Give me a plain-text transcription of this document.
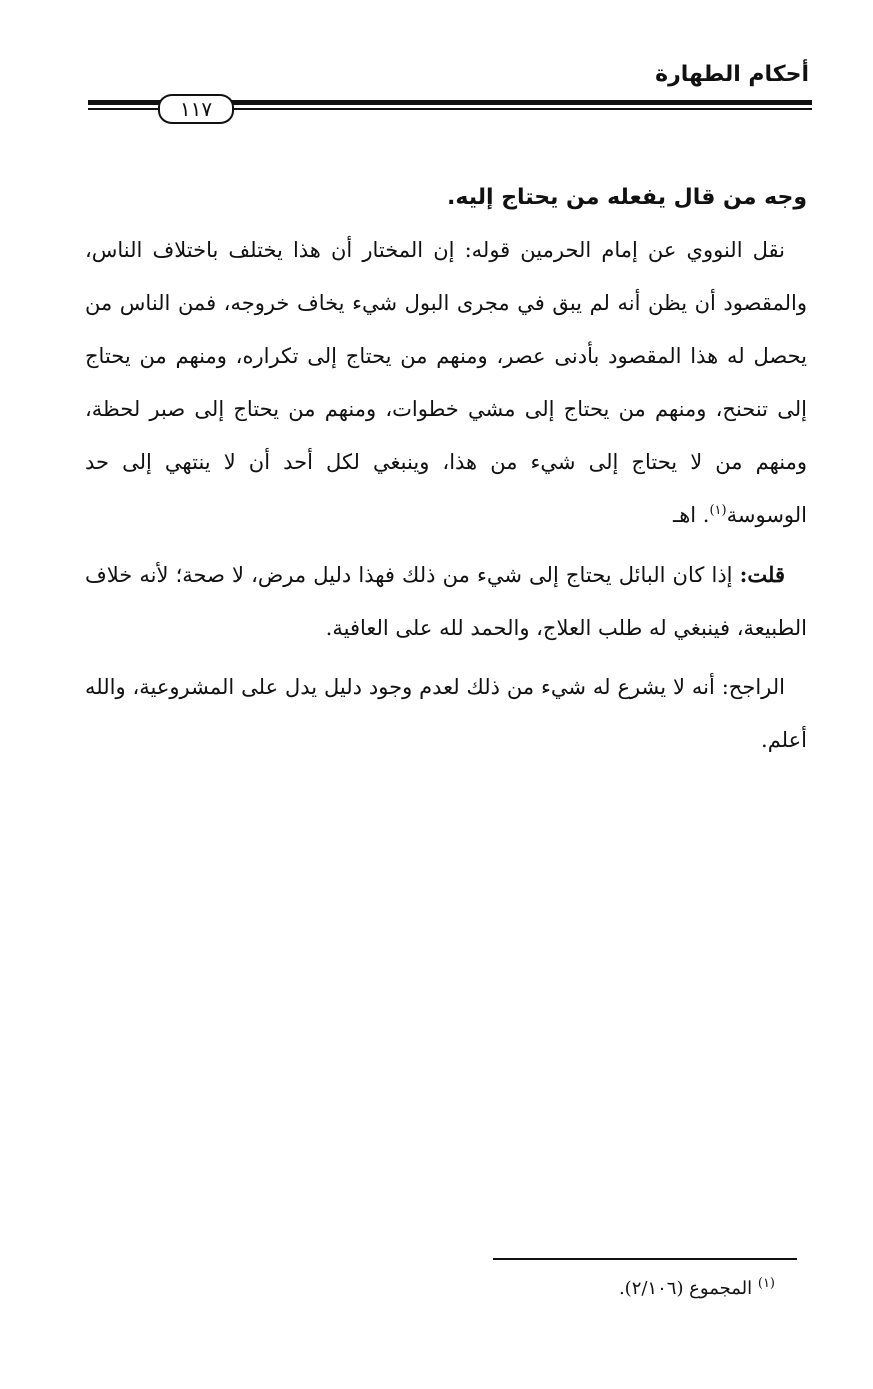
أحكام الطهارة
١١٧
وجه من قال يفعله من يحتاج إليه.

نقل النووي عن إمام الحرمين قوله: إن المختار أن هذا يختلف باختلاف الناس، والمقصود أن يظن أنه لم يبق في مجرى البول شيء يخاف خروجه، فمن الناس من يحصل له هذا المقصود بأدنى عصر، ومنهم من يحتاج إلى تكراره، ومنهم من يحتاج إلى تنحنح، ومنهم من يحتاج إلى مشي خطوات، ومنهم من يحتاج إلى صبر لحظة، ومنهم من لا يحتاج إلى شيء من هذا، وينبغي لكل أحد أن لا ينتهي إلى حد الوسوسة$^{(١)}$. اهـ

قلت: إذا كان البائل يحتاج إلى شيء من ذلك فهذا دليل مرض، لا صحة؛ لأنه خلاف الطبيعة، فينبغي له طلب العلاج، والحمد لله على العافية.

الراجح: أنه لا يشرع له شيء من ذلك لعدم وجود دليل يدل على المشروعية، والله أعلم.

$^{(١)}$ المجموع (٢/١٠٦).
